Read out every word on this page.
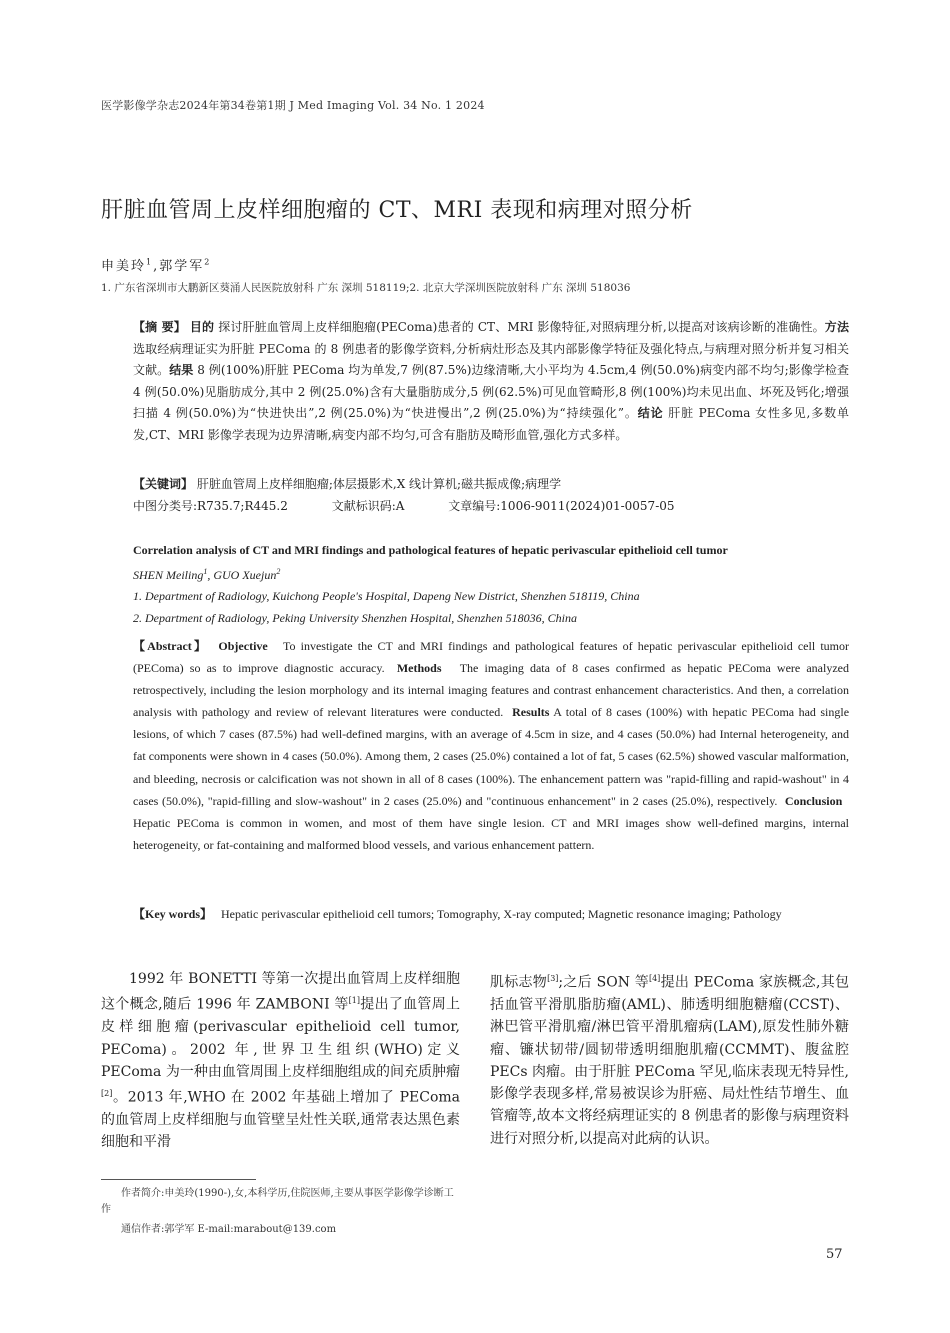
医学影像学杂志2024年第34卷第1期 J Med Imaging Vol. 34 No. 1 2024
肝脏血管周上皮样细胞瘤的 CT、MRI 表现和病理对照分析
申美玲$^1$,郭学军$^2$
1. 广东省深圳市大鹏新区葵涌人民医院放射科 广东 深圳 518119;2. 北京大学深圳医院放射科 广东 深圳 518036
【摘 要】 目的 探讨肝脏血管周上皮样细胞瘤(PEComa)患者的 CT、MRI 影像特征,对照病理分析,以提高对该病诊断的准确性。方法 选取经病理证实为肝脏 PEComa 的 8 例患者的影像学资料,分析病灶形态及其内部影像学特征及强化特点,与病理对照分析并复习相关文献。结果 8 例(100%)肝脏 PEComa 均为单发,7 例(87.5%)边缘清晰,大小平均为 4.5cm,4 例(50.0%)病变内部不均匀;影像学检查 4 例(50.0%)见脂肪成分,其中 2 例(25.0%)含有大量脂肪成分,5 例(62.5%)可见血管畸形,8 例(100%)均未见出血、坏死及钙化;增强扫描 4 例(50.0%)为“快进快出”,2 例(25.0%)为“快进慢出”,2 例(25.0%)为“持续强化”。结论 肝脏 PEComa 女性多见,多数单发,CT、MRI 影像学表现为边界清晰,病变内部不均匀,可含有脂肪及畸形血管,强化方式多样。
【关键词】 肝脏血管周上皮样细胞瘤;体层摄影术,X 线计算机;磁共振成像;病理学
中图分类号:R735.7;R445.2	文献标识码:A	文章编号:1006-9011(2024)01-0057-05
Correlation analysis of CT and MRI findings and pathological features of hepatic perivascular epithelioid cell tumor
SHEN Meiling$^1$, GUO Xuejun$^2$
1. Department of Radiology, Kuichong People's Hospital, Dapeng New District, Shenzhen 518119, China
2. Department of Radiology, Peking University Shenzhen Hospital, Shenzhen 518036, China
【Abstract】 Objective To investigate the CT and MRI findings and pathological features of hepatic perivascular epithelioid cell tumor (PEComa) so as to improve diagnostic accuracy. Methods The imaging data of 8 cases confirmed as hepatic PEComa were analyzed retrospectively, including the lesion morphology and its internal imaging features and contrast enhancement characteristics. And then, a correlation analysis with pathology and review of relevant literatures were conducted. Results A total of 8 cases (100%) with hepatic PEComa had single lesions, of which 7 cases (87.5%) had well-defined margins, with an average of 4.5cm in size, and 4 cases (50.0%) had Internal heterogeneity, and fat components were shown in 4 cases (50.0%). Among them, 2 cases (25.0%) contained a lot of fat, 5 cases (62.5%) showed vascular malformation, and bleeding, necrosis or calcification was not shown in all of 8 cases (100%). The enhancement pattern was "rapid-filling and rapid-washout" in 4 cases (50.0%), "rapid-filling and slow-washout" in 2 cases (25.0%) and "continuous enhancement" in 2 cases (25.0%), respectively. Conclusion   Hepatic PEComa is common in women, and most of them have single lesion. CT and MRI images show well-defined margins, internal heterogeneity, or fat-containing and malformed blood vessels, and various enhancement pattern.
【Key words】 Hepatic perivascular epithelioid cell tumors; Tomography, X-ray computed; Magnetic resonance imaging; Pathology
1992 年 BONETTI 等第一次提出血管周上皮样细胞这个概念,随后 1996 年 ZAMBONI 等[1]提出了血管周上皮样细胞瘤(perivascular epithelioid cell tumor, PEComa)。2002 年,世界卫生组织(WHO)定义 PEComa 为一种由血管周围上皮样细胞组成的间充质肿瘤[2]。2013 年,WHO 在 2002 年基础上增加了 PEComa 的血管周上皮样细胞与血管壁呈灶性关联,通常表达黑色素细胞和平滑
肌标志物[3];之后 SON 等[4]提出 PEComa 家族概念,其包括血管平滑肌脂肪瘤(AML)、肺透明细胞糖瘤(CCST)、淋巴管平滑肌瘤/淋巴管平滑肌瘤病(LAM),原发性肺外糖瘤、镰状韧带/圆韧带透明细胞肌瘤(CCMMT)、腹盆腔 PECs 肉瘤。由于肝脏 PEComa 罕见,临床表现无特异性,影像学表现多样,常易被误诊为肝癌、局灶性结节增生、血管瘤等,故本文将经病理证实的 8 例患者的影像与病理资料进行对照分析,以提高对此病的认识。
作者简介:申美玲(1990-),女,本科学历,住院医师,主要从事医学影像学诊断工作
通信作者:郭学军 E-mail:marabout@139.com
57
